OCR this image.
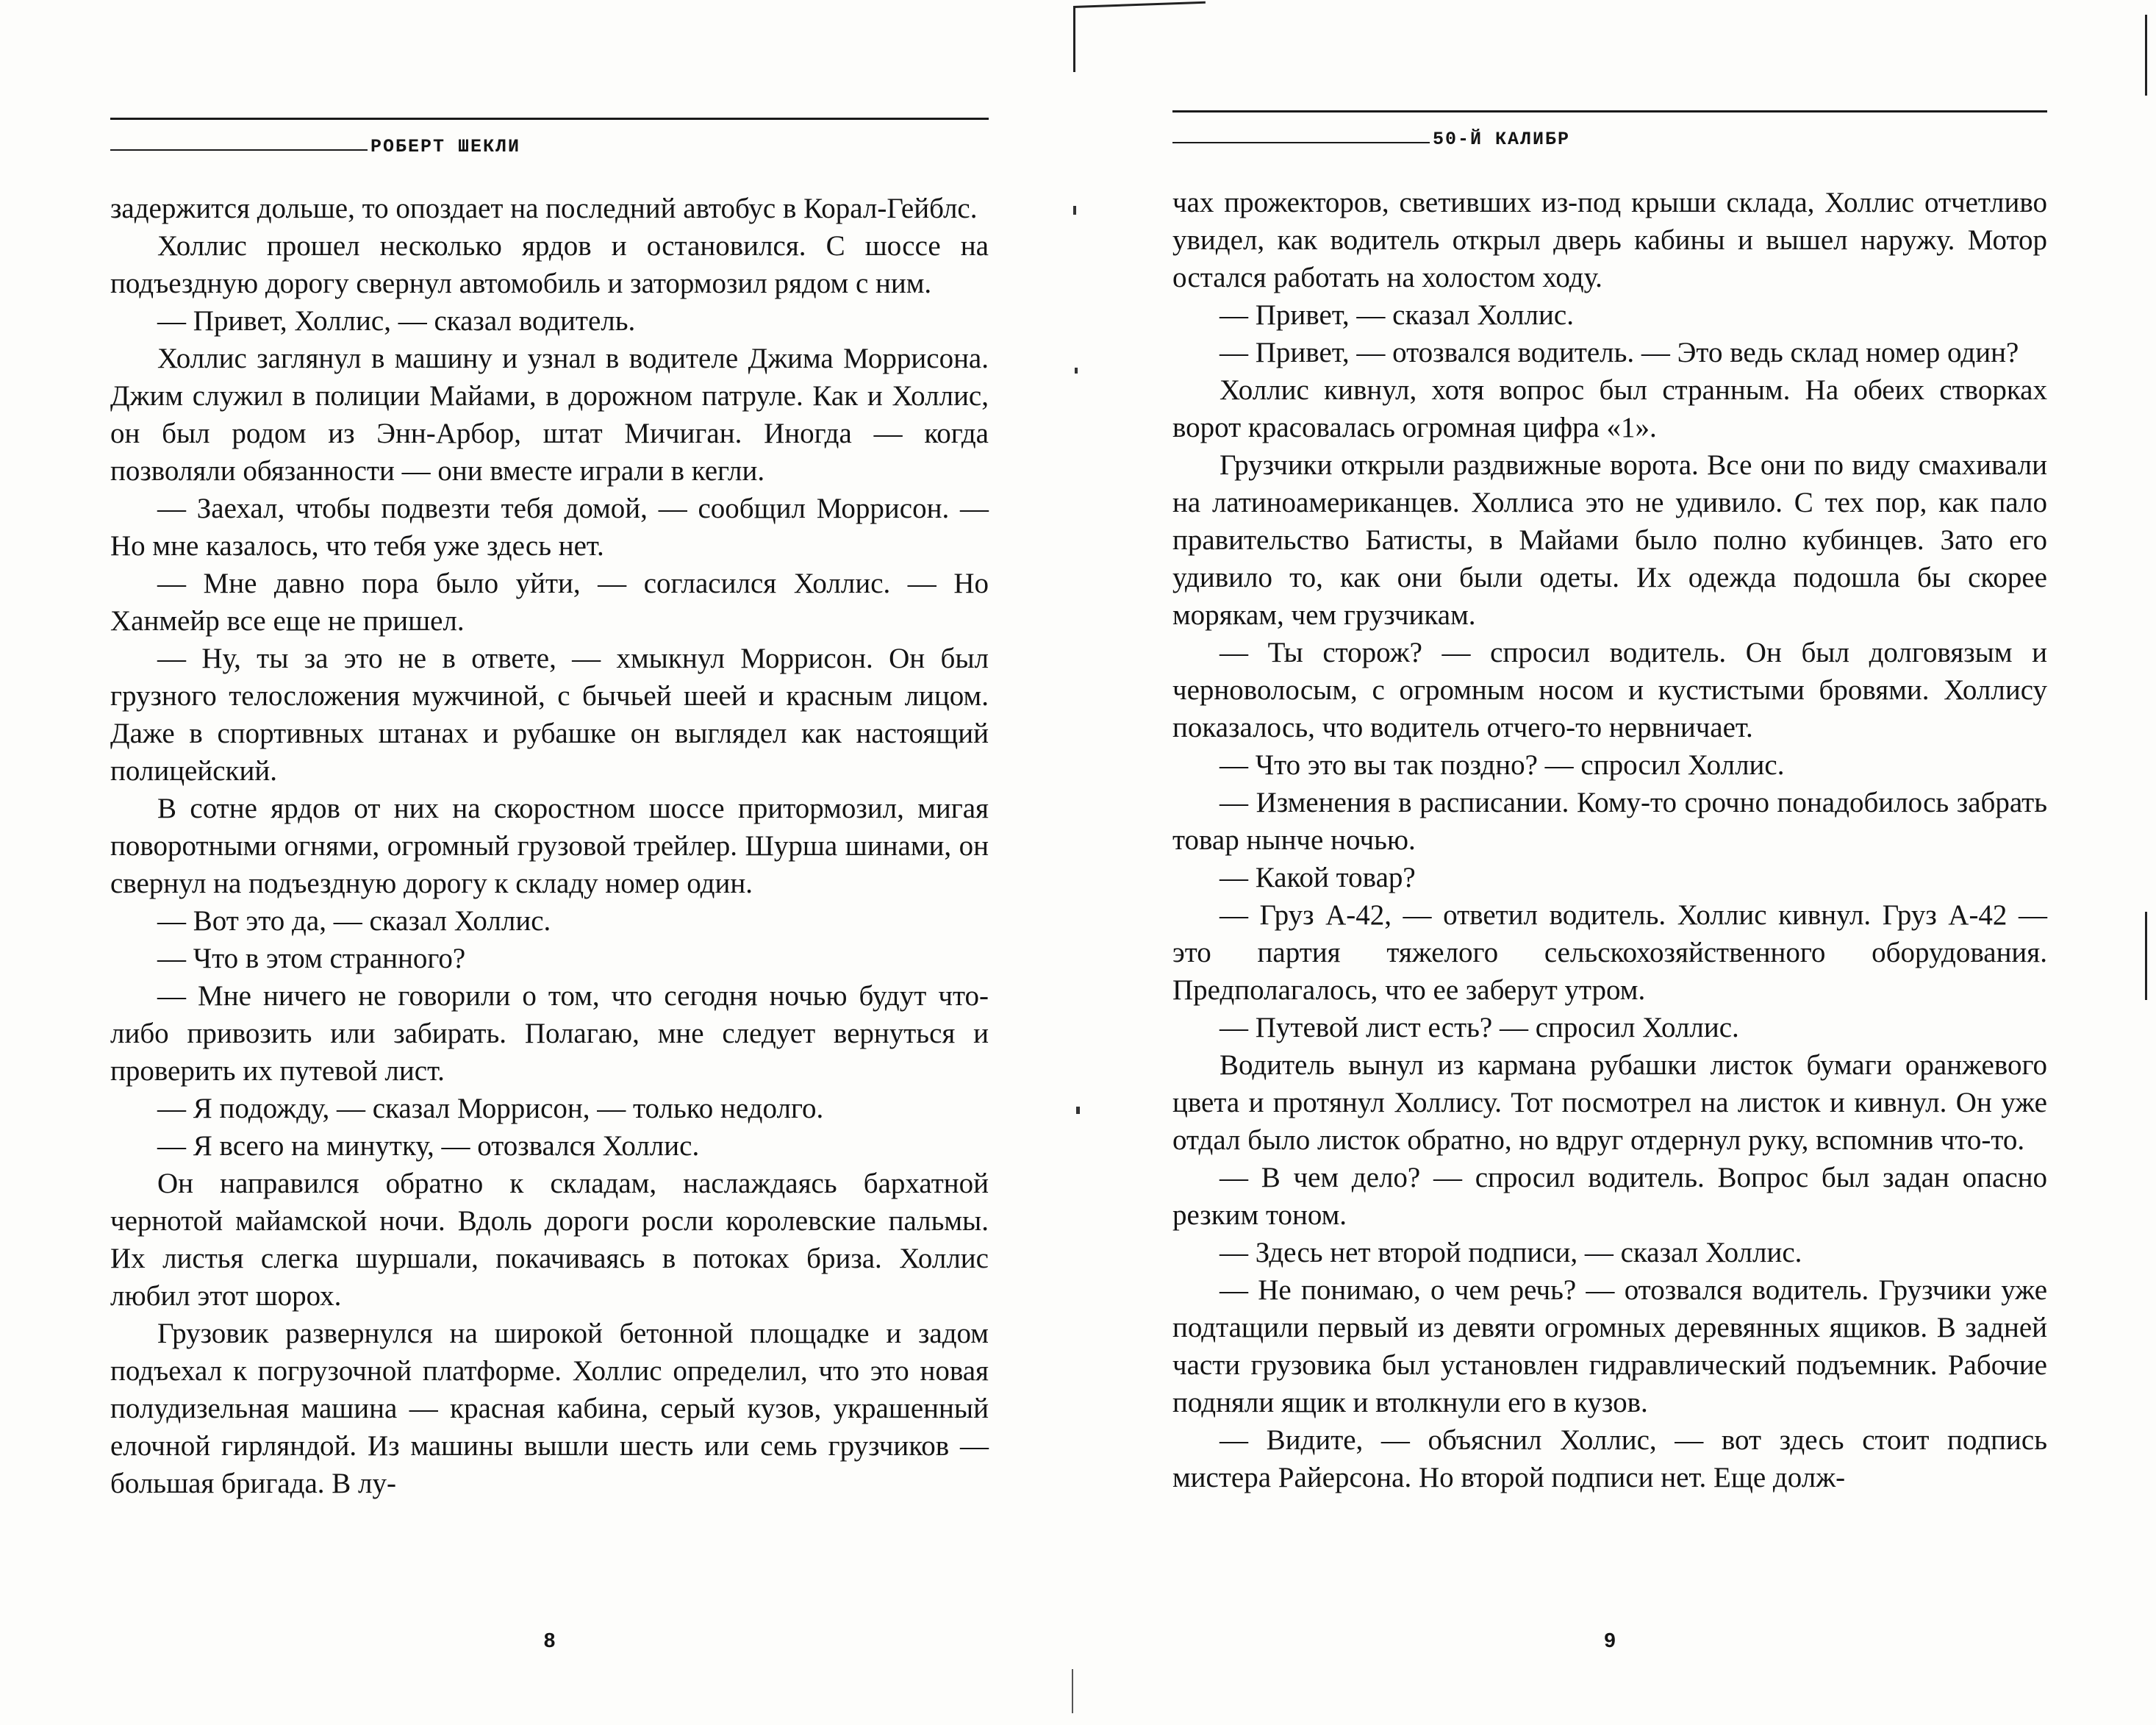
РОБЕРТ ШЕКЛИ

задержится дольше, то опоздает на последний автобус в Корал-Гейблс.

Холлис прошел несколько ярдов и остановился. С шоссе на подъездную дорогу свернул автомобиль и затормозил рядом с ним.

— Привет, Холлис, — сказал водитель.

Холлис заглянул в машину и узнал в водителе Джима Моррисона. Джим служил в полиции Майами, в дорожном патруле. Как и Холлис, он был родом из Энн-Арбор, штат Мичиган. Иногда — когда позволяли обязанности — они вместе играли в кегли.

— Заехал, чтобы подвезти тебя домой, — сообщил Моррисон. — Но мне казалось, что тебя уже здесь нет.

— Мне давно пора было уйти, — согласился Холлис. — Но Ханмейр все еще не пришел.

— Ну, ты за это не в ответе, — хмыкнул Моррисон. Он был грузного телосложения мужчиной, с бычьей шеей и красным лицом. Даже в спортивных штанах и рубашке он выглядел как настоящий полицейский.

В сотне ярдов от них на скоростном шоссе притормозил, мигая поворотными огнями, огромный грузовой трейлер. Шурша шинами, он свернул на подъездную дорогу к складу номер один.

— Вот это да, — сказал Холлис.

— Что в этом странного?

— Мне ничего не говорили о том, что сегодня ночью будут что-либо привозить или забирать. Полагаю, мне следует вернуться и проверить их путевой лист.

— Я подожду, — сказал Моррисон, — только недолго.

— Я всего на минутку, — отозвался Холлис.

Он направился обратно к складам, наслаждаясь бархатной чернотой майамской ночи. Вдоль дороги росли королевские пальмы. Их листья слегка шуршали, покачиваясь в потоках бриза. Холлис любил этот шорох.

Грузовик развернулся на широкой бетонной площадке и задом подъехал к погрузочной платформе. Холлис определил, что это новая полудизельная машина — красная кабина, серый кузов, украшенный елочной гирляндой. Из машины вышли шесть или семь грузчиков — большая бригада. В лу-

8
50-Й КАЛИБР

чах прожекторов, светивших из-под крыши склада, Холлис отчетливо увидел, как водитель открыл дверь кабины и вышел наружу. Мотор остался работать на холостом ходу.

— Привет, — сказал Холлис.

— Привет, — отозвался водитель. — Это ведь склад номер один?

Холлис кивнул, хотя вопрос был странным. На обеих створках ворот красовалась огромная цифра «1».

Грузчики открыли раздвижные ворота. Все они по виду смахивали на латиноамериканцев. Холлиса это не удивило. С тех пор, как пало правительство Батисты, в Майами было полно кубинцев. Зато его удивило то, как они были одеты. Их одежда подошла бы скорее морякам, чем грузчикам.

— Ты сторож? — спросил водитель. Он был долговязым и черноволосым, с огромным носом и кустистыми бровями. Холлису показалось, что водитель отчего-то нервничает.

— Что это вы так поздно? — спросил Холлис.

— Изменения в расписании. Кому-то срочно понадобилось забрать товар нынче ночью.

— Какой товар?

— Груз А-42, — ответил водитель. Холлис кивнул. Груз А-42 — это партия тяжелого сельскохозяйственного оборудования. Предполагалось, что ее заберут утром.

— Путевой лист есть? — спросил Холлис.

Водитель вынул из кармана рубашки листок бумаги оранжевого цвета и протянул Холлису. Тот посмотрел на листок и кивнул. Он уже отдал было листок обратно, но вдруг отдернул руку, вспомнив что-то.

— В чем дело? — спросил водитель. Вопрос был задан опасно резким тоном.

— Здесь нет второй подписи, — сказал Холлис.

— Не понимаю, о чем речь? — отозвался водитель. Грузчики уже подтащили первый из девяти огромных деревянных ящиков. В задней части грузовика был установлен гидравлический подъемник. Рабочие подняли ящик и втолкнули его в кузов.

— Видите, — объяснил Холлис, — вот здесь стоит подпись мистера Райерсона. Но второй подписи нет. Еще долж-

9
